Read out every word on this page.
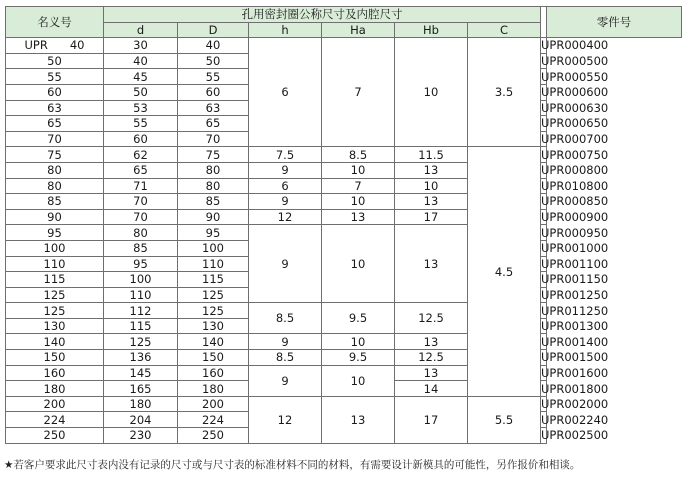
名义号	孔用密封圈公称尺寸及内腔尺寸							零件号
	d	D	h	Ha	Hb	C		
UPR 40	30	40	6	7	10	3.5	UPR000400	
50	40	50					UPR000500	
55	45	55					UPR000550	
60	50	60					UPR000600	
63	53	63					UPR000630	
65	55	65					UPR000650	
70	60	70					UPR000700	
75	62	75	7.5	8.5	11.5	4.5	UPR000750	
80	65	80	9	10	13		UPR000800	
80	71	80	6	7	10		UPR010800	
85	70	85	9	10	13		UPR000850	
90	70	90	12	13	17		UPR000900	
95	80	95	9	10	13		UPR000950	
100	85	100					UPR001000	
110	95	110					UPR001100	
115	100	115					UPR001150	
125	110	125					UPR001250	
125	112	125	8.5	9.5	12.5		UPR011250	
130	115	130					UPR001300	
140	125	140	9	10	13		UPR001400	
150	136	150	8.5	9.5	12.5		UPR001500	
160	145	160	9	10	13		UPR001600	
180	165	180			14		UPR001800	
200	180	200	12	13	17	5.5	UPR002000	
224	204	224					UPR002240	
250	230	250					UPR002500	
★若客户要求此尺寸表内没有记录的尺寸或与尺寸表的标准材料不同的材料，有需要设计新模具的可能性，另作报价和相谈。
